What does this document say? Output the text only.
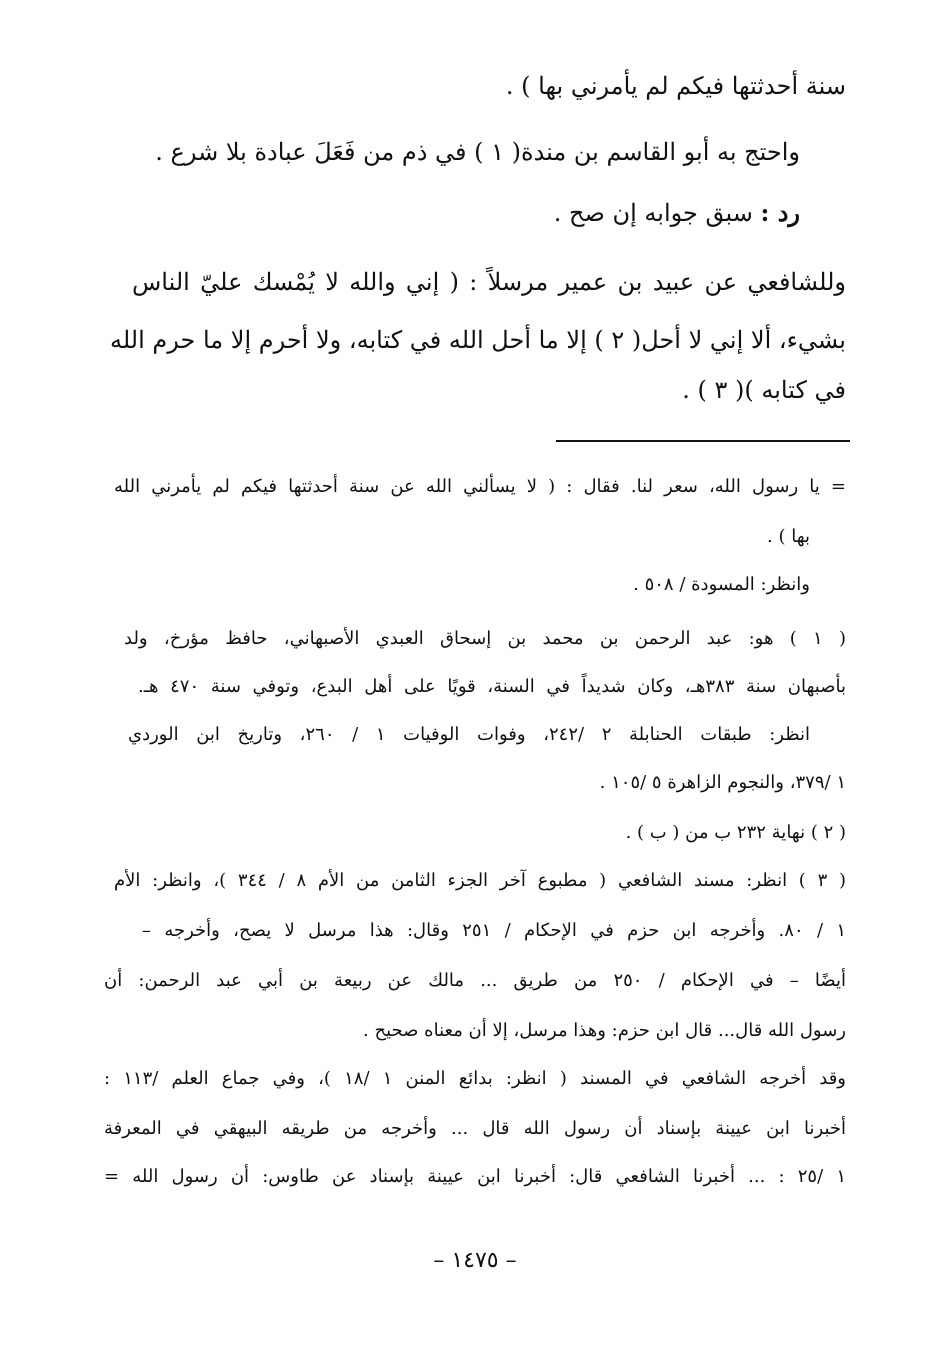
سنة أحدثتها فيكم لم يأمرني بها ) .
واحتج به أبو القاسم بن مندة( ١ ) في ذم من فَعَلَ عبادة بلا شرع .
رد : سبق جوابه إن صح .
وللشافعي عن عبيد بن عمير مرسلاً : ( إني والله لا يُمْسك عليّ الناس
بشيء، ألا إني لا أحل( ٢ ) إلا ما أحل الله في كتابه، ولا أحرم إلا ما حرم الله
في كتابه )( ٣ ) .
= يا رسول الله، سعر لنا. فقال : ( لا يسألني الله عن سنة أحدثتها فيكم لم يأمرني الله
بها ) .
وانظر: المسودة / ٥٠٨ .
( ١ ) هو: عبد الرحمن بن محمد بن إسحاق العبدي الأصبهاني، حافظ مؤرخ، ولد
بأصبهان سنة ٣٨٣هـ، وكان شديداً في السنة، قويًا على أهل البدع، وتوفي سنة ٤٧٠ هـ.
انظر: طبقات الحنابلة ٢ /٢٤٢، وفوات الوفيات ١ / ٢٦٠، وتاريخ ابن الوردي
١ /٣٧٩، والنجوم الزاهرة ٥ /١٠٥ .
( ٢ ) نهاية ٢٣٢ ب من ( ب ) .
( ٣ ) انظر: مسند الشافعي ( مطبوع آخر الجزء الثامن من الأم ٨ / ٣٤٤ )، وانظر: الأم
١ / ٨٠. وأخرجه ابن حزم في الإحكام / ٢٥١ وقال: هذا مرسل لا يصح، وأخرجه –
أيضًا – في الإحكام / ٢٥٠ من طريق ... مالك عن ربيعة بن أبي عبد الرحمن: أن
رسول الله قال... قال ابن حزم: وهذا مرسل، إلا أن معناه صحيح .
وقد أخرجه الشافعي في المسند ( انظر: بدائع المنن ١ /١٨ )، وفي جماع العلم /١١٣ :
أخبرنا ابن عيينة بإسناد أن رسول الله قال ... وأخرجه من طريقه البيهقي في المعرفة
١ /٢٥ : ... أخبرنا الشافعي قال: أخبرنا ابن عيينة بإسناد عن طاوس: أن رسول الله =
– ١٤٧٥ –
